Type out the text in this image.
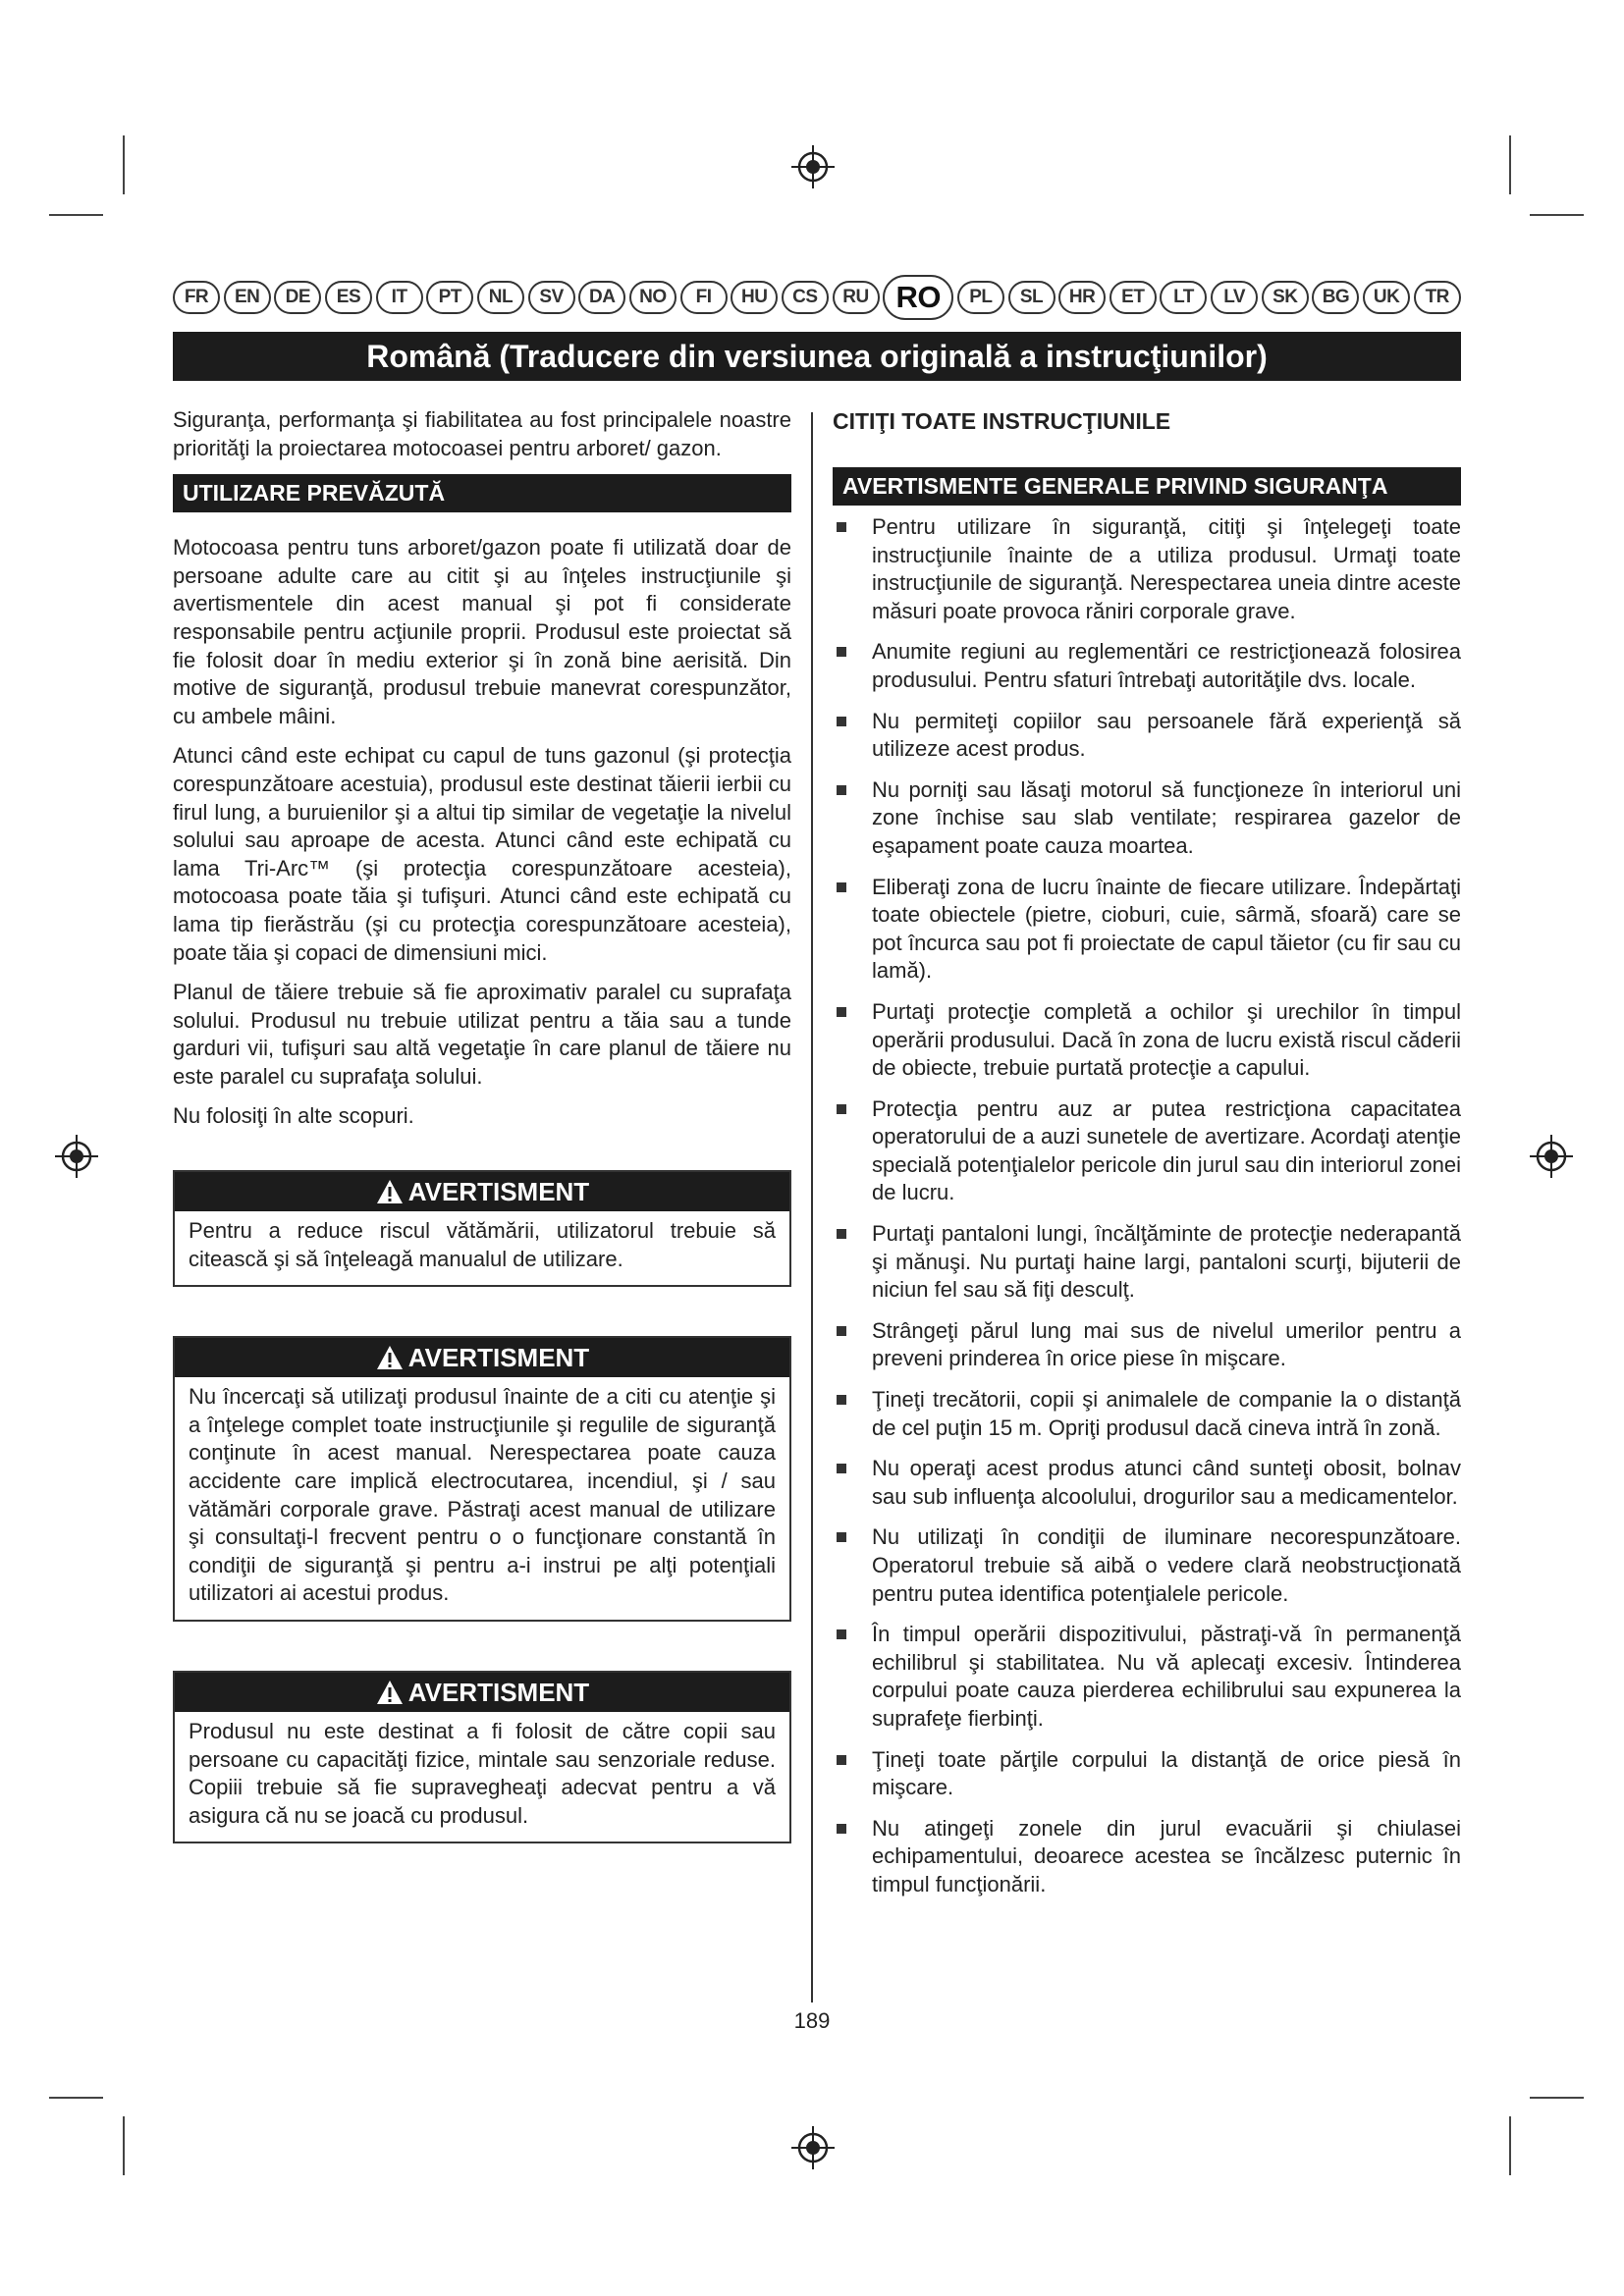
FR	EN	DE	ES	IT	PT	NL	SV	DA	NO	FI	HU	CS	RU RO	PL	SL	HR	ET	LT	LV	SK	BG	UK	TR
Română (Traducere din versiunea originală a instrucţiunilor)

Siguranţa, performanţa şi fiabilitatea au fost principalele noastre priorităţi la proiectarea motocoasei pentru arboret/ gazon.

UTILIZARE PREVĂZUTĂ

Motocoasa pentru tuns arboret/gazon poate fi utilizată doar de persoane adulte care au citit şi au înţeles instrucţiunile şi avertismentele din acest manual şi pot fi considerate responsabile pentru acţiunile proprii. Produsul este proiectat să fie folosit doar în mediu exterior şi în zonă bine aerisită. Din motive de siguranţă, produsul trebuie manevrat corespunzător, cu ambele mâini.

Atunci când este echipat cu capul de tuns gazonul (şi protecţia corespunzătoare acestuia), produsul este destinat tăierii ierbii cu firul lung, a buruienilor şi a altui tip similar de vegetaţie la nivelul solului sau aproape de acesta. Atunci când este echipată cu lama Tri-Arc™ (şi protecţia corespunzătoare acesteia), motocoasa poate tăia şi tufişuri. Atunci când este echipată cu lama tip fierăstrău (şi cu protecţia corespunzătoare acesteia), poate tăia şi copaci de dimensiuni mici.

Planul de tăiere trebuie să fie aproximativ paralel cu suprafaţa solului. Produsul nu trebuie utilizat pentru a tăia sau a tunde garduri vii, tufişuri sau altă vegetaţie în care planul de tăiere nu este paralel cu suprafaţa solului.

Nu folosiţi în alte scopuri.

AVERTISMENT

Pentru a reduce riscul vătămării, utilizatorul trebuie să citească şi să înţeleagă manualul de utilizare.

AVERTISMENT

Nu încercaţi să utilizaţi produsul înainte de a citi cu atenţie şi a înţelege complet toate instrucţiunile şi regulile de siguranţă conţinute în acest manual. Nerespectarea poate cauza accidente care implică electrocutarea, incendiul, şi / sau vătămări corporale grave. Păstraţi acest manual de utilizare şi consultaţi-l frecvent pentru o o funcţionare constantă în condiţii de siguranţă şi pentru a-i instrui pe alţi potenţiali utilizatori ai acestui produs.

AVERTISMENT

Produsul nu este destinat a fi folosit de către copii sau persoane cu capacităţi fizice, mintale sau senzoriale reduse. Copiii trebuie să fie supravegheaţi adecvat pentru a vă asigura că nu se joacă cu produsul.

CITIŢI TOATE INSTRUCŢIUNILE
AVERTISMENTE GENERALE PRIVIND SIGURANŢA
Pentru utilizare în siguranţă, citiţi şi înţelegeţi toate instrucţiunile înainte de a utiliza produsul. Urmaţi toate instrucţiunile de siguranţă. Nerespectarea uneia dintre aceste măsuri poate provoca răniri corporale grave.
Anumite regiuni au reglementări ce restricţionează folosirea produsului. Pentru sfaturi întrebaţi autorităţile dvs. locale.
Nu permiteţi copiilor sau persoanele fără experienţă să utilizeze acest produs.
Nu porniţi sau lăsaţi motorul să funcţioneze în interiorul uni zone închise sau slab ventilate; respirarea gazelor de eşapament poate cauza moartea.
Eliberaţi zona de lucru înainte de fiecare utilizare. Îndepărtaţi toate obiectele (pietre, cioburi, cuie, sârmă, sfoară) care se pot încurca sau pot fi proiectate de capul tăietor (cu fir sau cu lamă).
Purtaţi protecţie completă a ochilor şi urechilor în timpul operării produsului. Dacă în zona de lucru există riscul căderii de obiecte, trebuie purtată protecţie a capului.
Protecţia pentru auz ar putea restricţiona capacitatea operatorului de a auzi sunetele de avertizare. Acordaţi atenţie specială potenţialelor pericole din jurul sau din interiorul zonei de lucru.
Purtaţi pantaloni lungi, încălţăminte de protecţie nederapantă şi mănuşi. Nu purtaţi haine largi, pantaloni scurţi, bijuterii de niciun fel sau să fiţi desculţ.
Strângeţi părul lung mai sus de nivelul umerilor pentru a preveni prinderea în orice piese în mişcare.
Ţineţi trecătorii, copii şi animalele de companie la o distanţă de cel puţin 15 m. Opriţi produsul dacă cineva intră în zonă.
Nu operaţi acest produs atunci când sunteţi obosit, bolnav sau sub influenţa alcoolului, drogurilor sau a medicamentelor.
Nu utilizaţi în condiţii de iluminare necorespunzătoare. Operatorul trebuie să aibă o vedere clară neobstrucţionată pentru putea identifica potenţialele pericole.
În timpul operării dispozitivului, păstraţi-vă în permanenţă echilibrul şi stabilitatea. Nu vă aplecaţi excesiv. Întinderea corpului poate cauza pierderea echilibrului sau expunerea la suprafeţe fierbinţi.
Ţineţi toate părţile corpului la distanţă de orice piesă în mişcare.
Nu atingeţi zonele din jurul evacuării şi chiulasei echipamentului, deoarece acestea se încălzesc puternic în timpul funcţionării.
189
